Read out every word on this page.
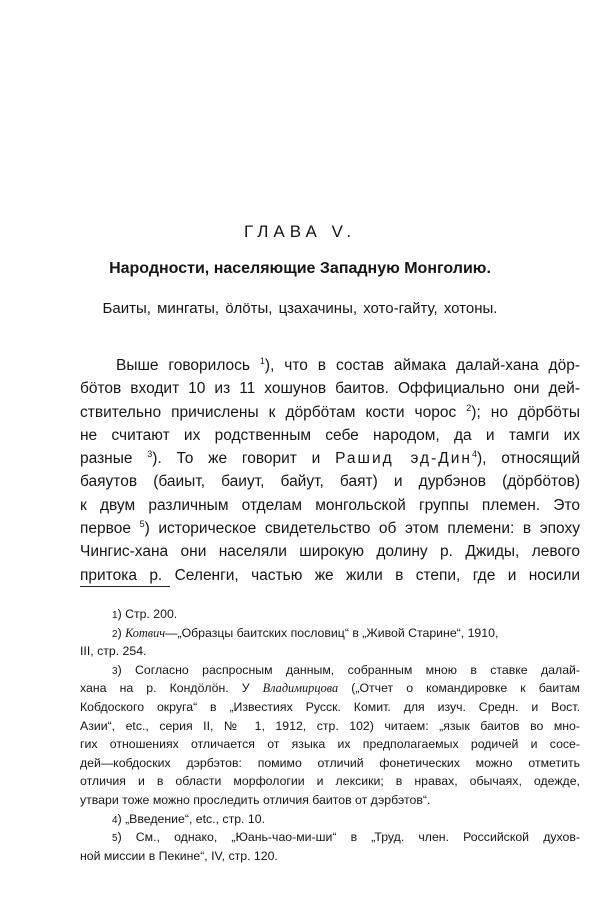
ГЛАВА V.
Народности, населяющие Западную Монголию.
Баиты, мингаты, ӧлӧты, цзахачины, хото-гайту, хотоны.
Выше говорилось $^1$), что в состав аймака далай-хана дӧр-
бӧтов входит 10 из 11 хошунов баитов. Оффициально они дей-
ствительно причислены к дӧрбӧтам кости чорос $^2$); но дӧрбӧты
не считают их родственным себе народом, да и тамги их
разные $^3$). То же говорит и Рашид эд-Дин$^4$), относящий
баяутов (баиыт, баиут, байут, баят) и дурбэнов (дӧрбӧтов)
к двум различным отделам монгольской группы племен. Это
первое $^5$) историческое свидетельство об этом племени: в эпоху
Чингис-хана они населяли широкую долину р. Джиды, левого
притока р. Селенги, частью же жили в степи, где и носили
1) Стр. 200.
2) Котвич—„Образцы баитских пословиц“ в „Живой Старине“, 1910,
III, стр. 254.
3) Согласно распросным данным, собранным мною в ставке далай-
хана на р. Кондӧлӧн. У Владимирцова („Отчет о командировке к баитам
Кобдоского округа“ в „Известиях Русск. Комит. для изуч. Средн. и Вост.
Азии“, etc., серия II, № 1, 1912, стр. 102) читаем: „язык баитов во мно-
гих отношениях отличается от языка их предполагаемых родичей и сосе-
дей—кобдоских дэрбэтов: помимо отличий фонетических можно отметить
отличия и в области морфологии и лексики; в нравах, обычаях, одежде,
утвари тоже можно проследить отличия баитов от дэрбэтов“.
4) „Введение“, etc., стр. 10.
5) См., однако, „Юань-чао-ми-ши“ в „Труд. член. Российской духов-
ной миссии в Пекине“, IV, стр. 120.
